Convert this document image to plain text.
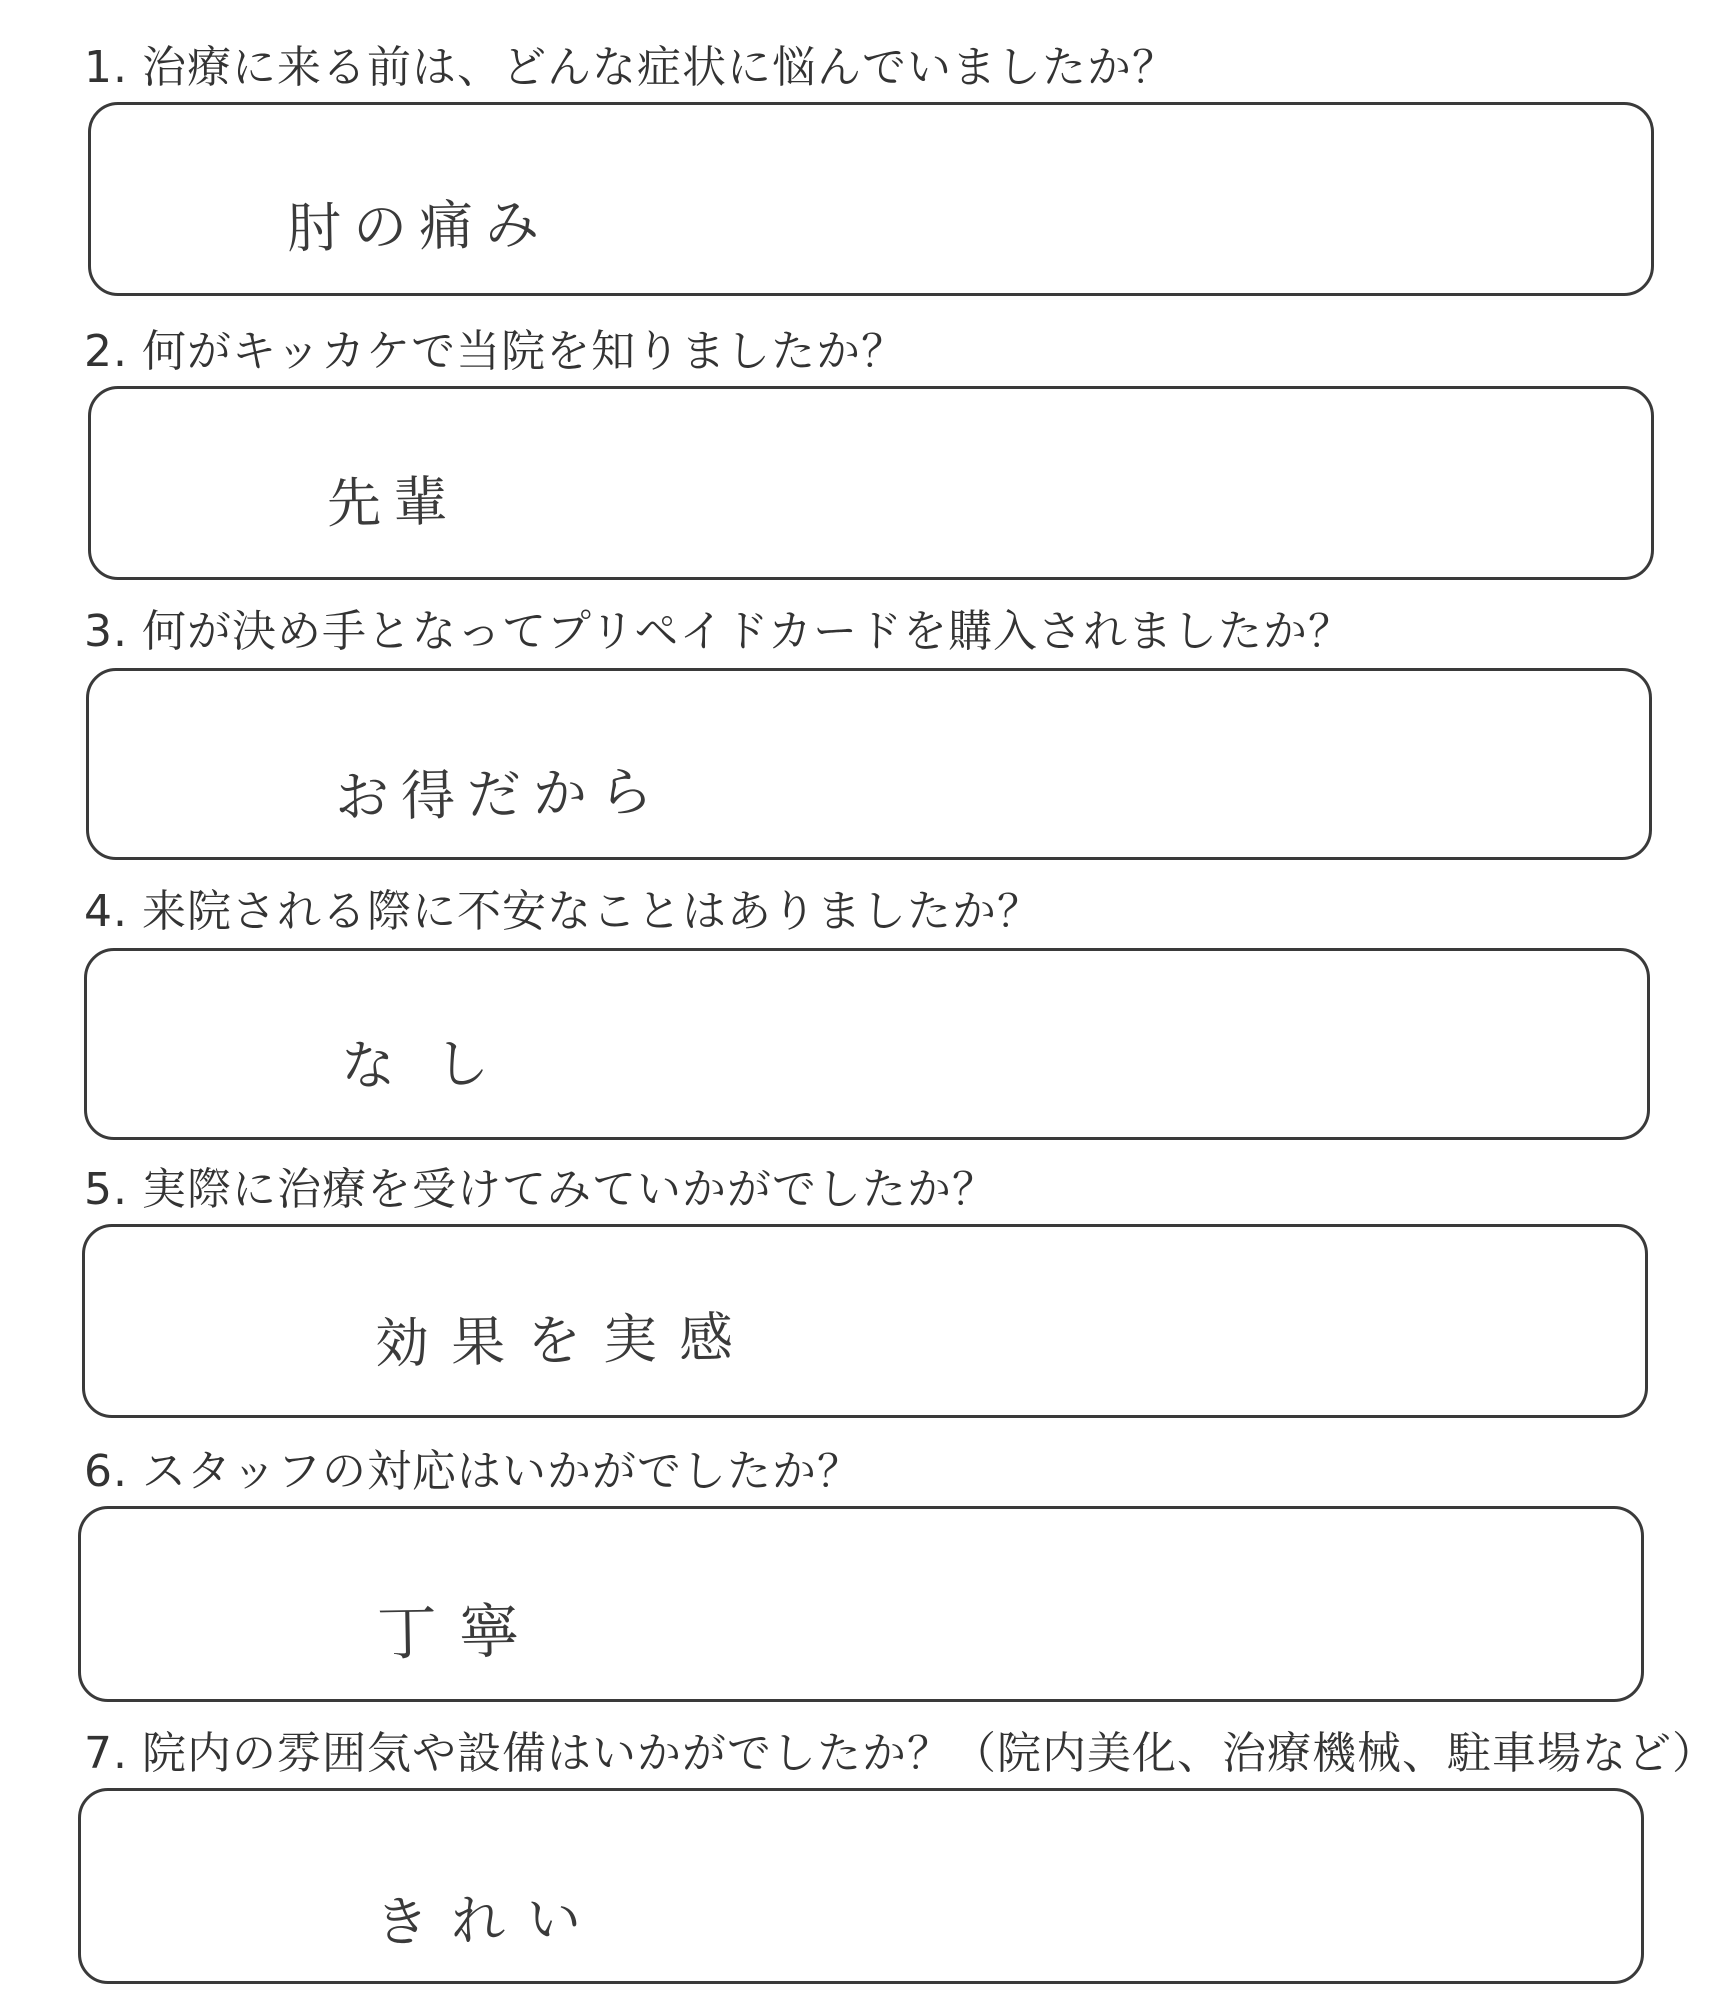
1. 治療に来る前は、どんな症状に悩んでいましたか？
肘の痛み
2. 何がキッカケで当院を知りましたか？
先輩
3. 何が決め手となってプリペイドカードを購入されましたか？
お得だから
4. 来院される際に不安なことはありましたか？
なし
5. 実際に治療を受けてみていかがでしたか？
効果を実感
6. スタッフの対応はいかがでしたか？
丁寧
7. 院内の雰囲気や設備はいかがでしたか？（院内美化、治療機械、駐車場など）
きれい
